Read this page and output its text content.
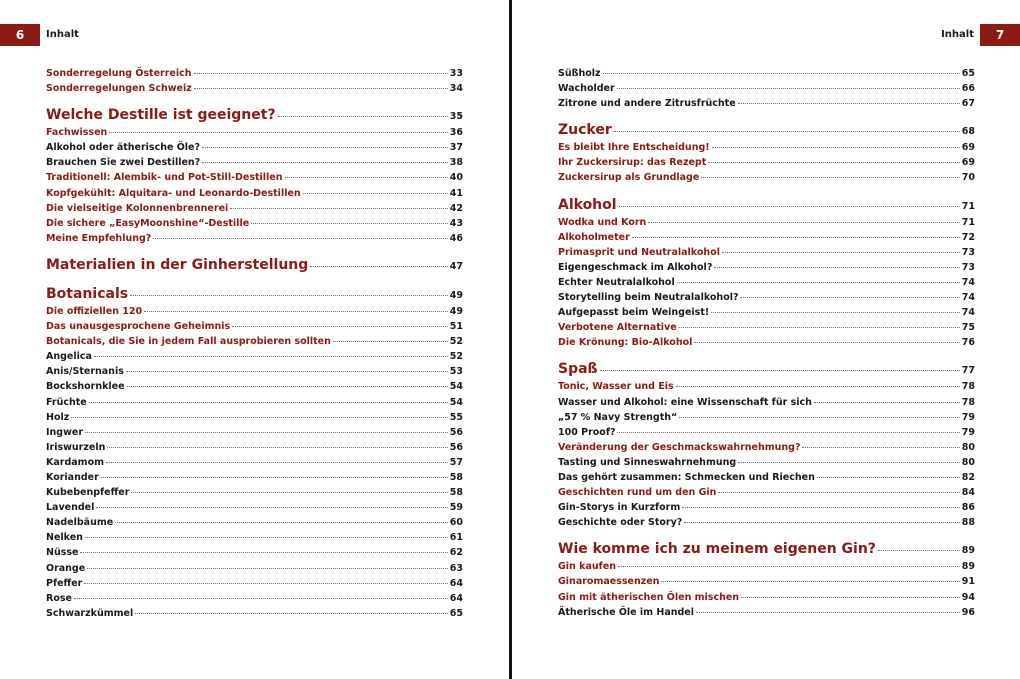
6	Inhalt
Sonderregelung Österreich	33
Sonderregelungen Schweiz	34
Welche Destille ist geeignet?	35
Fachwissen	36
Alkohol oder ätherische Öle?	37
Brauchen Sie zwei Destillen?	38
Traditionell: Alembik- und Pot-Still-Destillen	40
Kopfgekühlt: Alquitara- und Leonardo-Destillen	41
Die vielseitige Kolonnenbrennerei	42
Die sichere „EasyMoonshine“-Destille	43
Meine Empfehlung?	46
Materialien in der Ginherstellung	47
Botanicals	49
Die offiziellen 120	49
Das unausgesprochene Geheimnis	51
Botanicals, die Sie in jedem Fall ausprobieren sollten	52
Angelica	52
Anis/Sternanis	53
Bockshornklee	54
Früchte	54
Holz	55
Ingwer	56
Iriswurzeln	56
Kardamom	57
Koriander	58
Kubebenpfeffer	58
Lavendel	59
Nadelbäume	60
Nelken	61
Nüsse	62
Orange	63
Pfeffer	64
Rose	64
Schwarzkümmel	65
7
Inhalt
Süßholz	65
Wacholder	66
Zitrone und andere Zitrusfrüchte	67
Zucker	68
Es bleibt Ihre Entscheidung!	69
Ihr Zuckersirup: das Rezept	69
Zuckersirup als Grundlage	70
Alkohol	71
Wodka und Korn	71
Alkoholmeter	72
Primasprit und Neutralalkohol	73
Eigengeschmack im Alkohol?	73
Echter Neutralalkohol	74
Storytelling beim Neutralalkohol?	74
Aufgepasst beim Weingeist!	74
Verbotene Alternative	75
Die Krönung: Bio-Alkohol	76
Spaß	77
Tonic, Wasser und Eis	78
Wasser und Alkohol: eine Wissenschaft für sich	78
„57 % Navy Strength“	79
100 Proof?	79
Veränderung der Geschmackswahrnehmung?	80
Tasting und Sinneswahrnehmung	80
Das gehört zusammen: Schmecken und Riechen	82
Geschichten rund um den Gin	84
Gin-Storys in Kurzform	86
Geschichte oder Story?	88
Wie komme ich zu meinem eigenen Gin?	89
Gin kaufen	89
Ginaromaessenzen	91
Gin mit ätherischen Ölen mischen	94
Ätherische Öle im Handel	96
